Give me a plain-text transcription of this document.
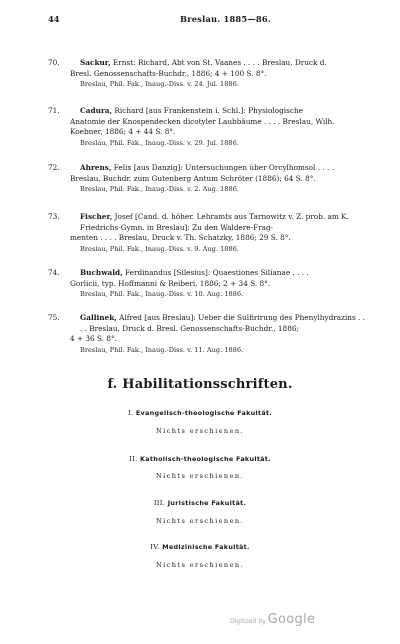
44	Breslau. 1885—86.
70.	Sackur, Ernst: Richard, Abt von St. Vaanes . . . . Breslau, Druck d.

Bresl. Genossenschafts-Buchdr., 1886; 4 + 100 S. 8°.

Breslau, Phil. Fak., Inaug.-Diss. v. 24. Jul. 1886.

71.	Cadura, Richard [aus Frankenstein i. Schl.]: Physiologische

Anatomie der Knospendecken dicotyler Laubbäume . . . . Breslau, Wilh. Koebner, 1886; 4 + 44 S. 8°.

Breslau, Phil. Fak., Inaug.-Diss. v. 29. Jul. 1886.

72.	Ahrens, Felix [aus Danzig]: Untersuchungen über Orcylhomsol . . . .

Breslau, Buchdr. zum Gutenberg Antum Schröter (1886); 64 S. 8°.

Breslau, Phil. Fak., Inaug.-Diss. v. 2. Aug. 1886.

73.	Fischer, Josef [Cand. d. höher. Lehramts aus Tarnowitz v. Z. prob. am K. Friedrichs-Gymn. in Breslau]: Zu den Waldere-Frag-

menten . . . . Breslau, Druck v. Th. Schatzky, 1886; 29 S. 8°.

Breslau, Phil. Fak., Inaug.-Diss. v. 9. Aug. 1886.

74.	Buchwald, Ferdinandus [Silesius]: Quaestiones Silianae . . . .

Gorlicii, typ. Hoffmanni & Reiberi, 1886; 2 + 34 S. 8°.

Breslau, Phil. Fak., Inaug.-Diss. v. 10. Aug. 1886.

75.	Gallinek, Alfred [aus Breslau]: Ueber die Sulfirirung des Phenylhydrazins . . . . Breslau, Druck d. Bresl. Genossenschafts-Buchdr., 1886;

4 + 36 S. 8°.

Breslau, Phil. Fak., Inaug.-Diss. v. 11. Aug. 1886.

f. Habilitationsschriften.
I. Evangelisch-theologische Fakultät.
Nichts erschienen.
II. Katholisch-theologische Fakultät.
Nichts erschienen.
III. Juristische Fakultät.
Nichts erschienen.
IV. Medizinische Fakultät.
Nichts erschienen.
Digitized by Google
